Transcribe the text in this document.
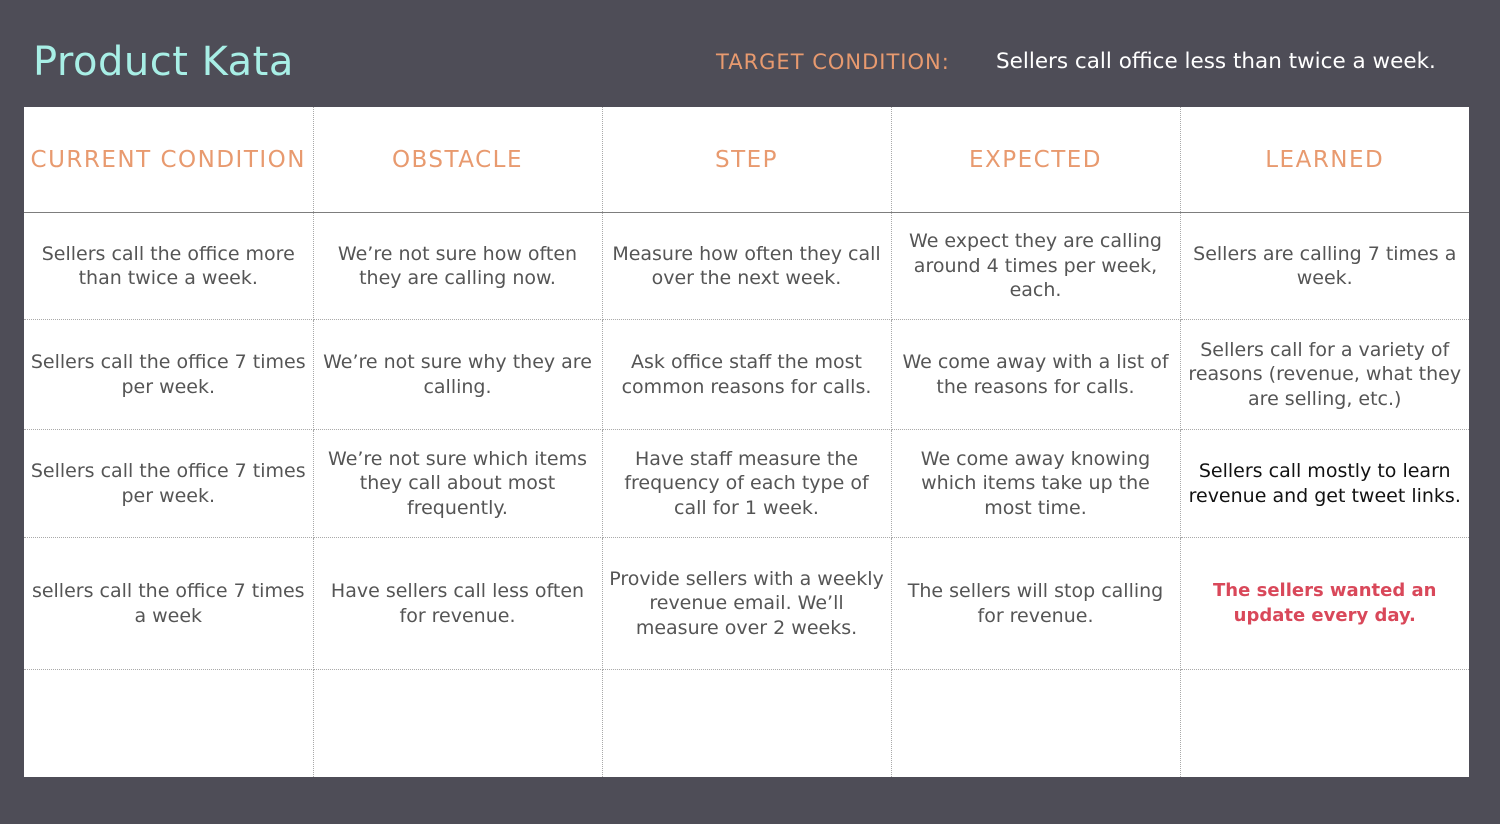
Product Kata	TARGET CONDITION: Sellers call office less than twice a week.
CURRENT CONDITION	OBSTACLE	STEP	EXPECTED	LEARNED
Sellers call the office more than twice a week.	We’re not sure how often they are calling now.	Measure how often they call over the next week.	We expect they are calling around 4 times per week, each.	Sellers are calling 7 times a week.
Sellers call the office 7 times per week.	We’re not sure why they are calling.	Ask office staff the most common reasons for calls.	We come away with a list of the reasons for calls.	Sellers call for a variety of reasons (revenue, what they are selling, etc.)
Sellers call the office 7 times per week.	We’re not sure which items they call about most frequently.	Have staff measure the frequency of each type of call for 1 week.	We come away knowing which items take up the most time.	Sellers call mostly to learn revenue and get tweet links.
sellers call the office 7 times a week	Have sellers call less often for revenue.	Provide sellers with a weekly revenue email. We’ll measure over 2 weeks.	The sellers will stop calling for revenue.	The sellers wanted an update every day.
